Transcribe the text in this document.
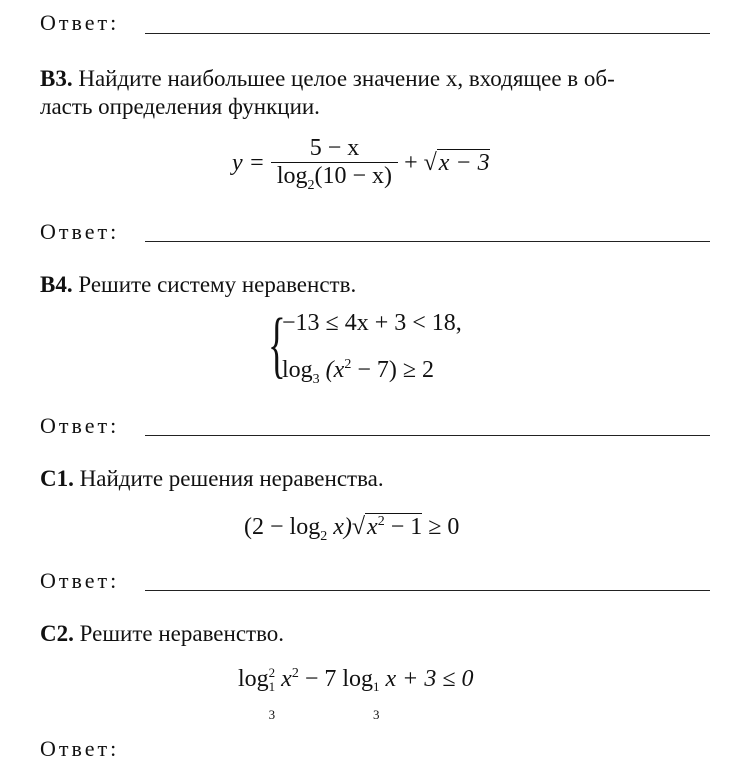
Ответ:
B3. Найдите наибольшее целое значение x, входящее в об-
ласть определения функции.
$y = \frac{5 - x}{\log_2(10 - x)} + √x - 3$
Ответ:
B4. Решите систему неравенств.
{
−13 ≤ 4x + 3 < 18,
$\log_3 (x^2 - 7) \ge 2$
Ответ:
C1. Найдите решения неравенства.
$(2 - \log_2 x)√x^2 - 1 \ge 0$
Ответ:
C2. Решите неравенство.
log2
1
3 $x^2 - 7$ log
1
3 x + 3 ≤ 0
Ответ:
